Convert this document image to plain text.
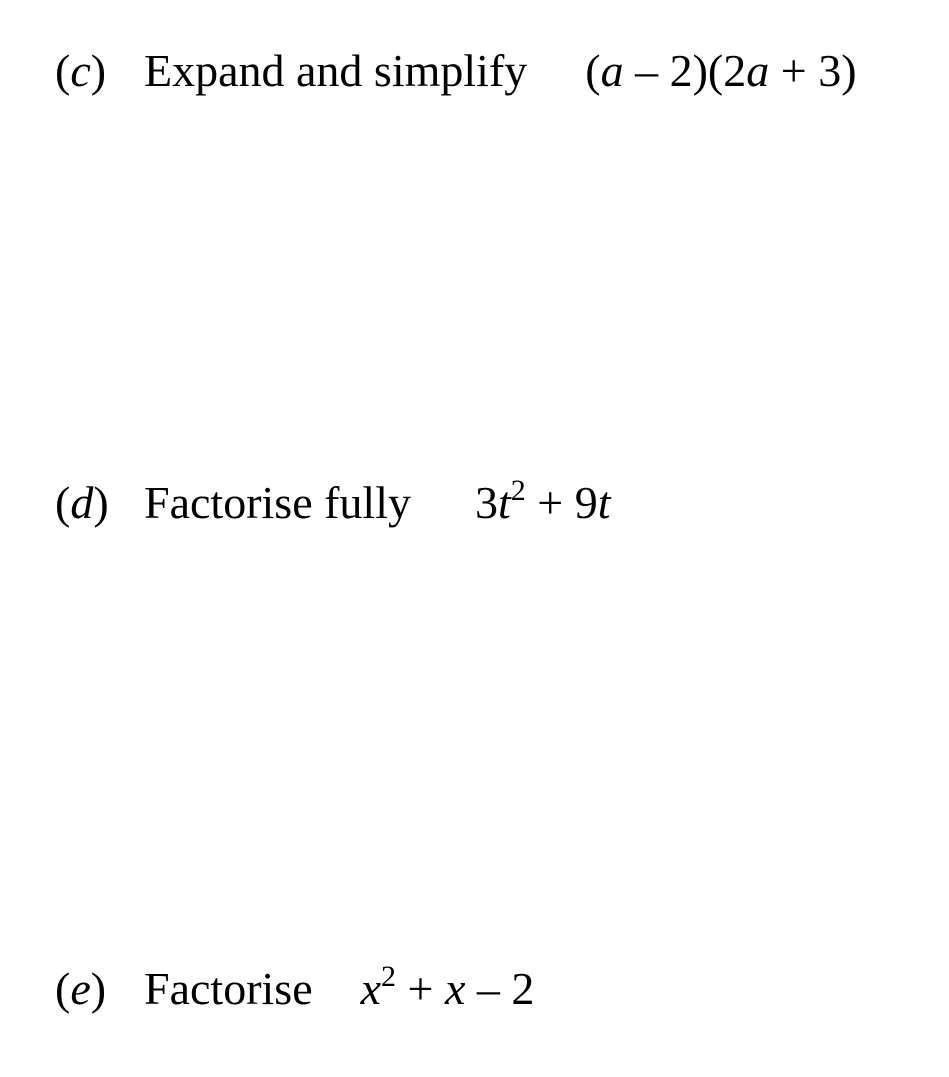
(c) Expand and simplify (a – 2)(2a + 3)
(d) Factorise fully $3t^2 + 9t$
(e) Factorise $x^2 + x - 2$
